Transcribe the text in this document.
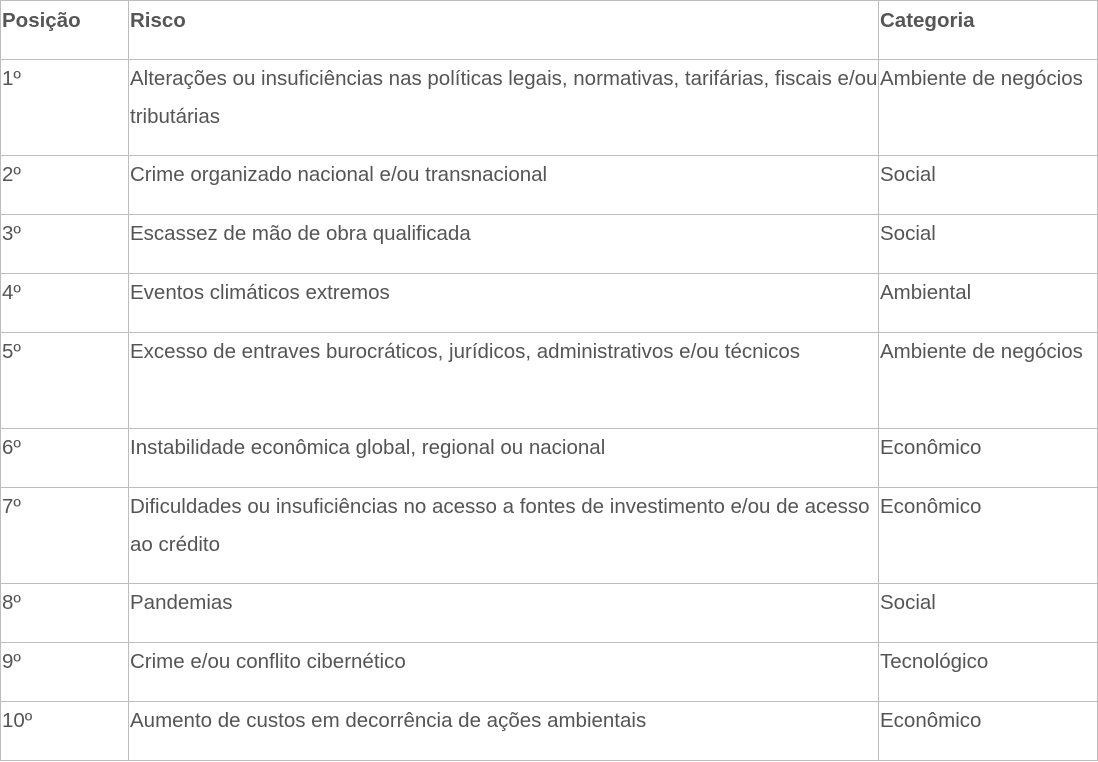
Posição	Risco	Categoria
1º	Alterações ou insuficiências nas políticas legais, normativas, tarifárias, fiscais e/ou tributárias	Ambiente de negócios
2º	Crime organizado nacional e/ou transnacional	Social
3º	Escassez de mão de obra qualificada	Social
4º	Eventos climáticos extremos	Ambiental
5º	Excesso de entraves burocráticos, jurídicos, administrativos e/ou técnicos	Ambiente de negócios
6º	Instabilidade econômica global, regional ou nacional	Econômico
7º	Dificuldades ou insuficiências no acesso a fontes de investimento e/ou de acesso ao crédito	Econômico
8º	Pandemias	Social
9º	Crime e/ou conflito cibernético	Tecnológico
10º	Aumento de custos em decorrência de ações ambientais	Econômico
